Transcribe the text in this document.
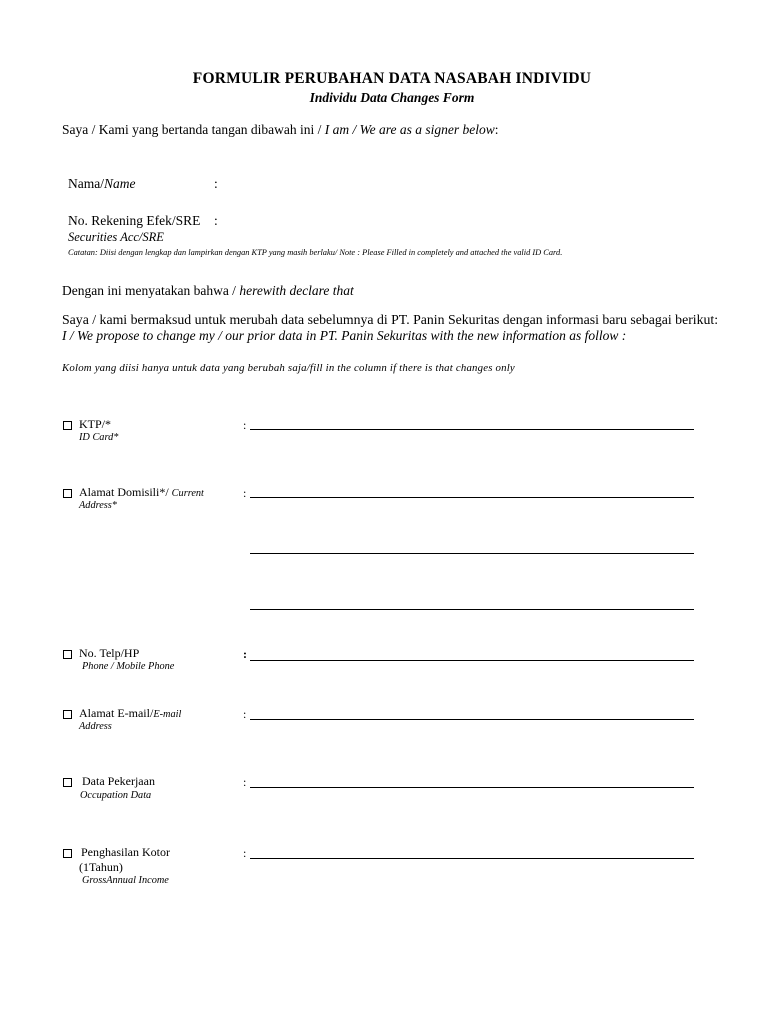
FORMULIR PERUBAHAN DATA NASABAH INDIVIDU
Individu Data Changes Form
Saya / Kami yang bertanda tangan dibawah ini / I am / We are as a signer below:
Nama/Name	:
No. Rekening Efek/SRE :
Securities Acc/SRE
Catatan: Diisi dengan lengkap dan lampirkan dengan KTP yang masih berlaku/ Note : Please Filled in completely and attached the valid ID Card.
Dengan ini menyatakan bahwa / herewith declare that
Saya / kami bermaksud untuk merubah data sebelumnya di PT. Panin Sekuritas dengan informasi baru sebagai berikut:
I / We propose to change my / our prior data in PT. Panin Sekuritas with the new information as follow :
Kolom yang diisi hanya untuk data yang berubah saja/fill in the column if there is that changes only
KTP/*
ID Card*
:
Alamat Domisili*/ Current
Address*
:
No. Telp/HP
Phone / Mobile Phone
:
Alamat E-mail/E-mail
Address
:
Data Pekerjaan
Occupation Data
:
Penghasilan Kotor
(1Tahun)
GrossAnnual Income
:
